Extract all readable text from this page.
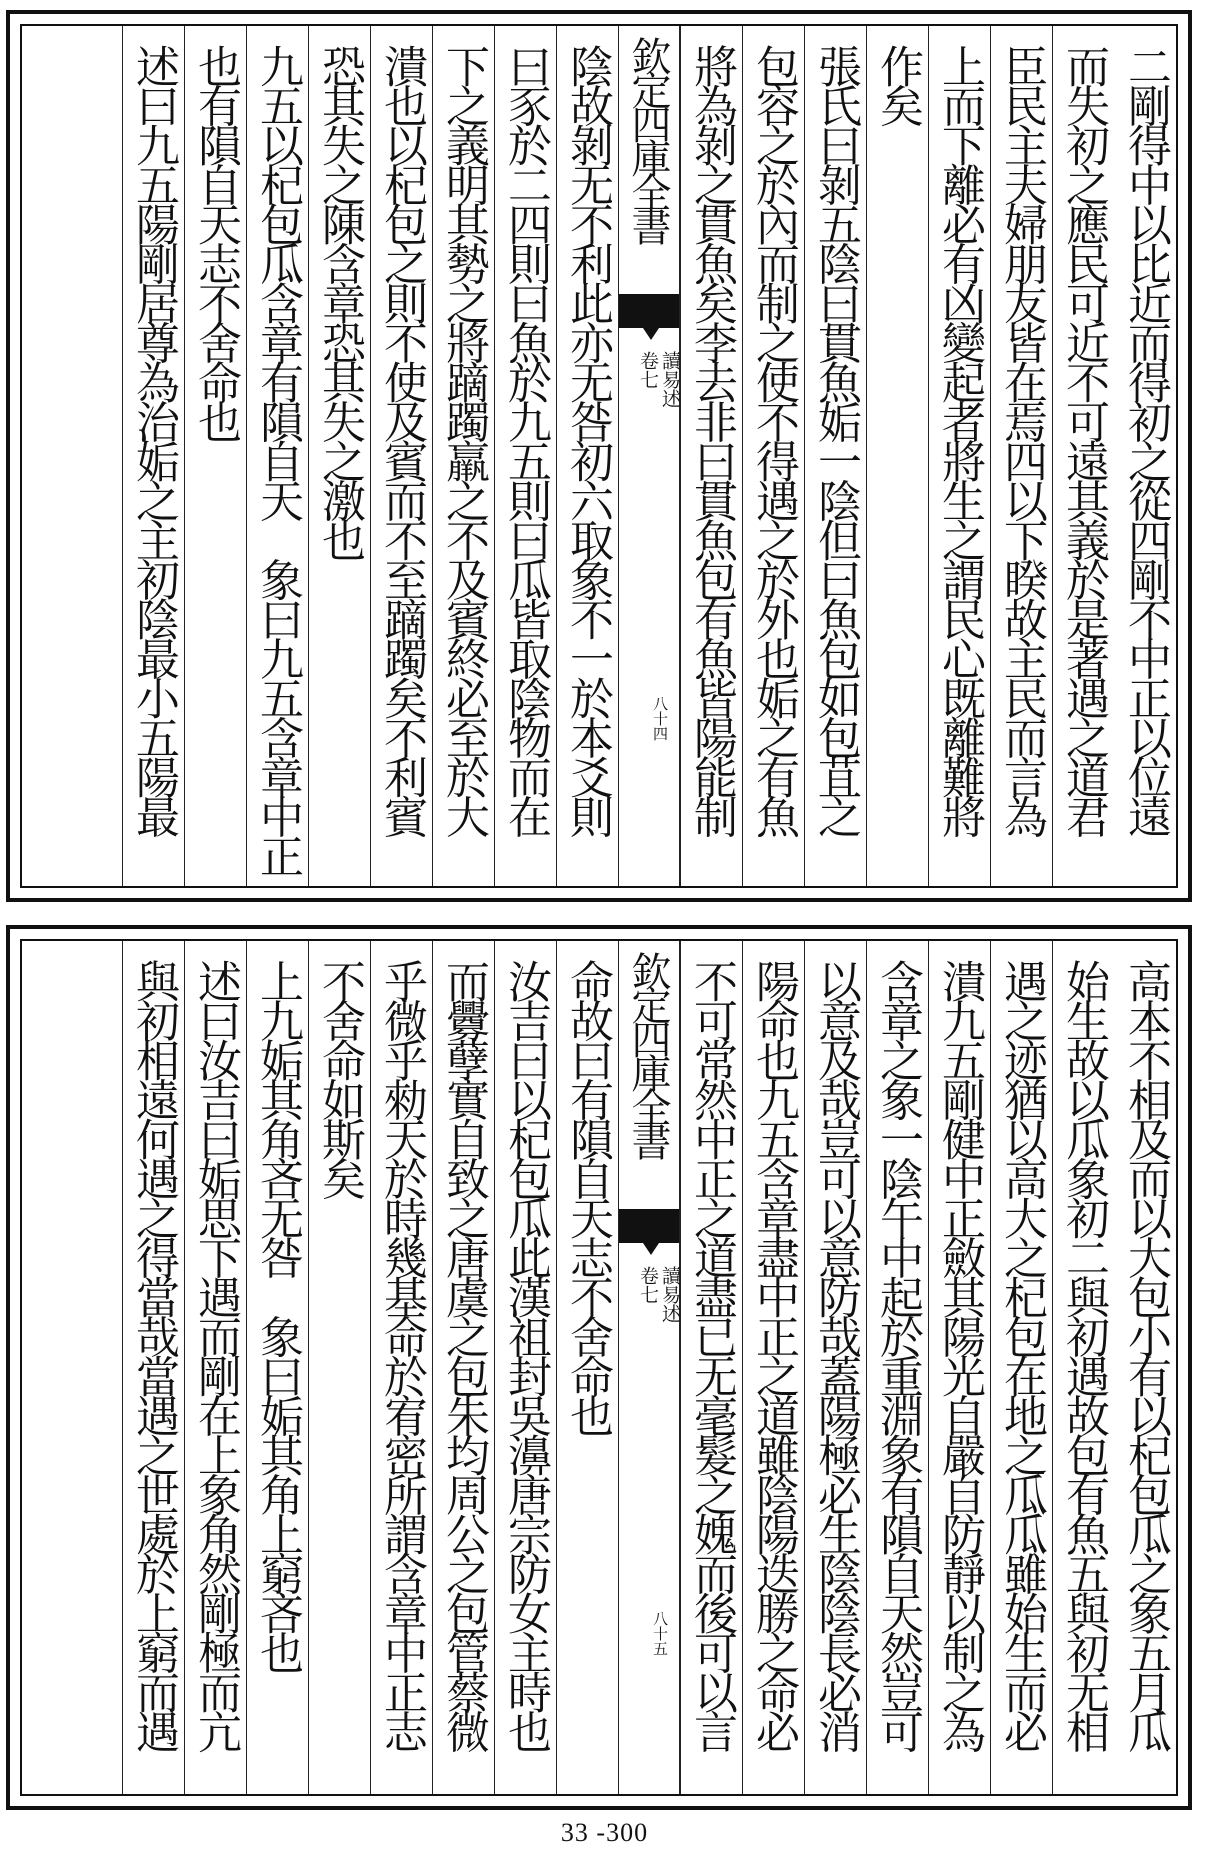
二剛得中以比近而得初之從四剛不中正以位遠
而失初之應民可近不可遠其義於是著遇之道君
臣民主夫婦朋友皆在焉四以下睽故主民而言為
上而下離必有凶變起者將生之謂民心既離難將
作矣
張氏曰剝五陰曰貫魚姤一陰但曰魚包如包苴之
包容之於內而制之使不得遇之於外也姤之有魚
將為剝之貫魚矣李去非曰貫魚包有魚皆陽能制
陰故剝无不利此亦无咎初六取象不一於本爻則
曰豕於二四則曰魚於九五則曰瓜皆取陰物而在
下之義明其勢之將蹢躅羸之不及賓終必至於大
潰也以杞包之則不使及賓而不至蹢躅矣不利賓
恐其失之陳含章恐其失之激也
九五以杞包瓜含章有隕自天　象曰九五含章中正
也有隕自天志不舍命也
述曰九五陽剛居尊為治姤之主初陰最小五陽最	欽定四庫全書
讀易述
卷七
八十四
高本不相及而以大包小有以杞包瓜之象五月瓜
始生故以瓜象初二與初遇故包有魚五與初无相
遇之迹猶以高大之杞包在地之瓜瓜雖始生而必
潰九五剛健中正斂其陽光自嚴自防靜以制之為
含章之象一陰午中起於重淵象有隕自天然豈可
以意及哉豈可以意防哉蓋陽極必生陰陰長必消
陽命也九五含章盡中正之道雖陰陽迭勝之命必
不可常然中正之道盡已无毫髮之媿而後可以言
命故曰有隕自天志不舍命也
汝吉曰以杞包瓜此漢祖封吳濞唐宗防女主時也
而釁孽實自致之唐虞之包朱均周公之包管蔡微
乎微乎勑天於時幾基命於宥密所謂含章中正志
不舍命如斯矣
上九姤其角吝无咎　象曰姤其角上窮吝也
述曰汝吉曰姤思下遇而剛在上象角然剛極而亢
與初相遠何遇之得當哉當遇之世處於上窮而遇	欽定四庫全書
讀易述
卷七
八十五
33 -300
